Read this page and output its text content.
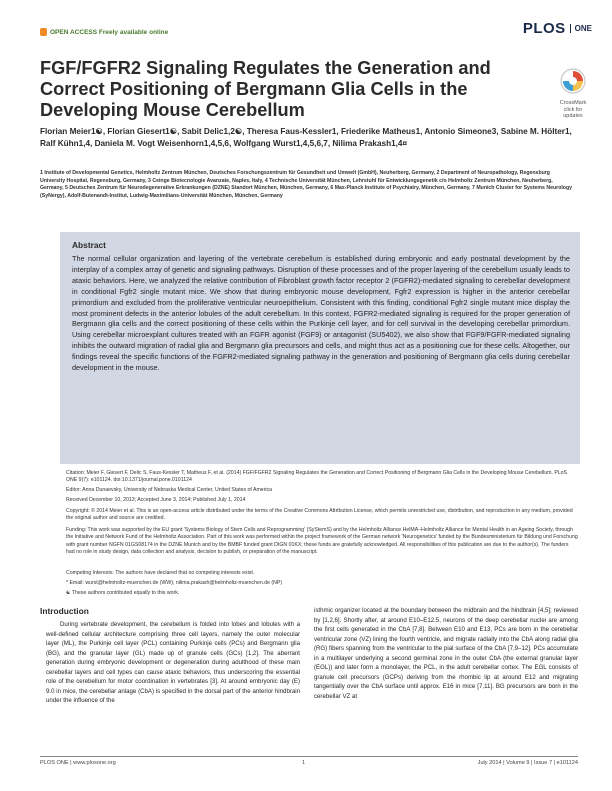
OPEN ACCESS Freely available online	PLOS	ONE
FGF/FGFR2 Signaling Regulates the Generation and Correct Positioning of Bergmann Glia Cells in the Developing Mouse Cerebellum	CrossMark
click for updates
Florian Meier1☯, Florian Giesert1☯, Sabit Delic1,2☯, Theresa Faus-Kessler1, Friederike Matheus1, Antonio Simeone3, Sabine M. Hölter1, Ralf Kühn1,4, Daniela M. Vogt Weisenhorn1,4,5,6, Wolfgang Wurst1,4,5,6,7, Nilima Prakash1,4¤
1 Institute of Developmental Genetics, Helmholtz Zentrum München, Deutsches Forschungszentrum für Gesundheit und Umwelt (GmbH), Neuherberg, Germany, 2 Department of Neuropathology, Regensburg University Hospital, Regensburg, Germany, 3 Ceinge Biotecnologie Avanzate, Naples, Italy, 4 Technische Universität München, Lehrstuhl für Entwicklungsgenetik c/o Helmholtz Zentrum München, Neuherberg, Germany, 5 Deutsches Zentrum für Neurodegenerative Erkrankungen (DZNE) Standort München, München, Germany, 6 Max-Planck Institute of Psychiatry, München, Germany, 7 Munich Cluster for Systems Neurology (SyNergy), Adolf-Butenandt-Institut, Ludwig-Maximilians-Universität München, München, Germany
Abstract
The normal cellular organization and layering of the vertebrate cerebellum is established during embryonic and early postnatal development by the interplay of a complex array of genetic and signaling pathways. Disruption of these processes and of the proper layering of the cerebellum usually leads to ataxic behaviors. Here, we analyzed the relative contribution of Fibroblast growth factor receptor 2 (FGFR2)-mediated signaling to cerebellar development in conditional Fgfr2 single mutant mice. We show that during embryonic mouse development, Fgfr2 expression is higher in the anterior cerebellar primordium and excluded from the proliferative ventricular neuroepithelium. Consistent with this finding, conditional Fgfr2 single mutant mice display the most prominent defects in the anterior lobules of the adult cerebellum. In this context, FGFR2-mediated signaling is required for the proper generation of Bergmann glia cells and the correct positioning of these cells within the Purkinje cell layer, and for cell survival in the developing cerebellar primordium. Using cerebellar microexplant cultures treated with an FGFR agonist (FGF9) or antagonist (SU5402), we also show that FGF9/FGFR-mediated signaling inhibits the outward migration of radial glia and Bergmann glia precursors and cells, and might thus act as a positioning cue for these cells. Altogether, our findings reveal the specific functions of the FGFR2-mediated signaling pathway in the generation and positioning of Bergmann glia cells during cerebellar development in the mouse.
Citation: Meier F, Giesert F, Delic S, Faus-Kessler T, Matheus F, et al. (2014) FGF/FGFR2 Signaling Regulates the Generation and Correct Positioning of Bergmann Glia Cells in the Developing Mouse Cerebellum. PLoS ONE 9(7): e101124. doi:10.1371/journal.pone.0101124
Editor: Anna Dunaevsky, University of Nebraska Medical Center, United States of America
Received December 10, 2013; Accepted June 3, 2014; Published July 1, 2014
Copyright: © 2014 Meier et al. This is an open-access article distributed under the terms of the Creative Commons Attribution License, which permits unrestricted use, distribution, and reproduction in any medium, provided the original author and source are credited.
Funding: This work was supported by the EU grant 'Systems Biology of Stem Cells and Reprogramming' (SyStemS) and by the Helmholtz Alliance HelMA–Helmholtz Alliance for Mental Health in an Ageing Society, through the Initiative and Network Fund of the Helmholtz Association. Part of this work was performed within the project framework of the German network 'Neurogenetics' funded by the Bundesministerium für Bildung und Forschung with grant number NGFN 01GS08174 in the DZNE Munich and by the BMBF funded grant DIGN 01KX; these funds are gratefully acknowledged. All responsibilities of this publication are due to the author(s). The funders had no role in study design, data collection and analysis, decision to publish, or preparation of the manuscript.
Competing Interests: The authors have declared that no competing interests exist.
* Email: wurst@helmholtz-muenchen.de (WW); nilima.prakash@helmholtz-muenchen.de (NP)
☯ These authors contributed equally to this work.
Introduction
During vertebrate development, the cerebellum is folded into lobes and lobules with a well-defined cellular architecture comprising three cell layers, namely the outer molecular layer (ML), the Purkinje cell layer (PCL) containing Purkinje cells (PCs) and Bergmann glia (BG), and the granular layer (GL) made up of granule cells (GCs) [1,2]. The aberrant generation during embryonic development or degeneration during adulthood of these main cerebellar layers and cell types can cause ataxic behaviors, thus underscoring the essential role of the cerebellum for motor coordination in vertebrates [3]. At around embryonic day (E) 9.0 in mice, the cerebellar anlage (CbA) is specified in the dorsal part of the anterior hindbrain under the influence of the
isthmic organizer located at the boundary between the midbrain and the hindbrain [4,5]; reviewed by [1,2,6]. Shortly after, at around E10–E12.5, neurons of the deep cerebellar nuclei are among the first cells generated in the CbA [7,8]. Between E10 and E13, PCs are born in the cerebellar ventricular zone (VZ) lining the fourth ventricle, and migrate radially into the CbA along radial glia (RG) fibers spanning from the ventricular to the pial surface of the CbA [7,9–12]. PCs accumulate in a multilayer underlying a second germinal zone in the outer CbA (the external granular layer (EGL)) and later form a monolayer, the PCL, in the adult cerebellar cortex. The EGL consists of granule cell precursors (GCPs) deriving from the rhombic lip at around E12 and migrating tangentially over the CbA surface until approx. E16 in mice [7,11]. BG precursors are born in the cerebellar VZ at
PLOS ONE | www.plosone.org	1	July 2014 | Volume 9 | Issue 7 | e101124
